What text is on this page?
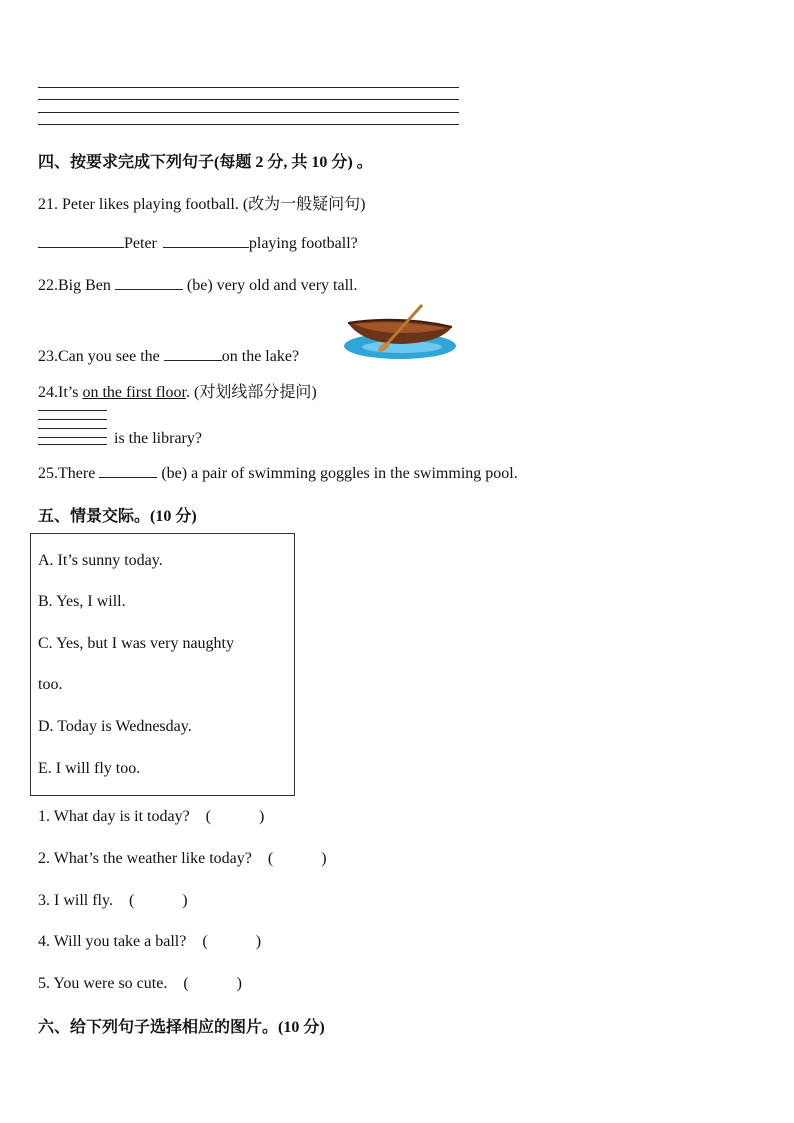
四、按要求完成下列句子(每题 2 分, 共 10 分) 。
21. Peter likes playing football. (改为一般疑问句)
Peter	playing football?
22.Big Ben	(be) very old and very tall.
23.Can you see the	on the lake?
24.It’s on the first floor. (对划线部分提问)
is the library?
25.There	(be) a pair of swimming goggles in the swimming pool.
五、情景交际。(10 分)
A. It’s sunny today.
B. Yes, I will.
C. Yes, but I was very naughty
too.
D. Today is Wednesday.
E. I will fly too.
1. What day is it today? (	)
2. What’s the weather like today? (	)
3. I will fly. (	)
4. Will you take a ball? (	)
5. You were so cute. (	)
六、给下列句子选择相应的图片。(10 分)
